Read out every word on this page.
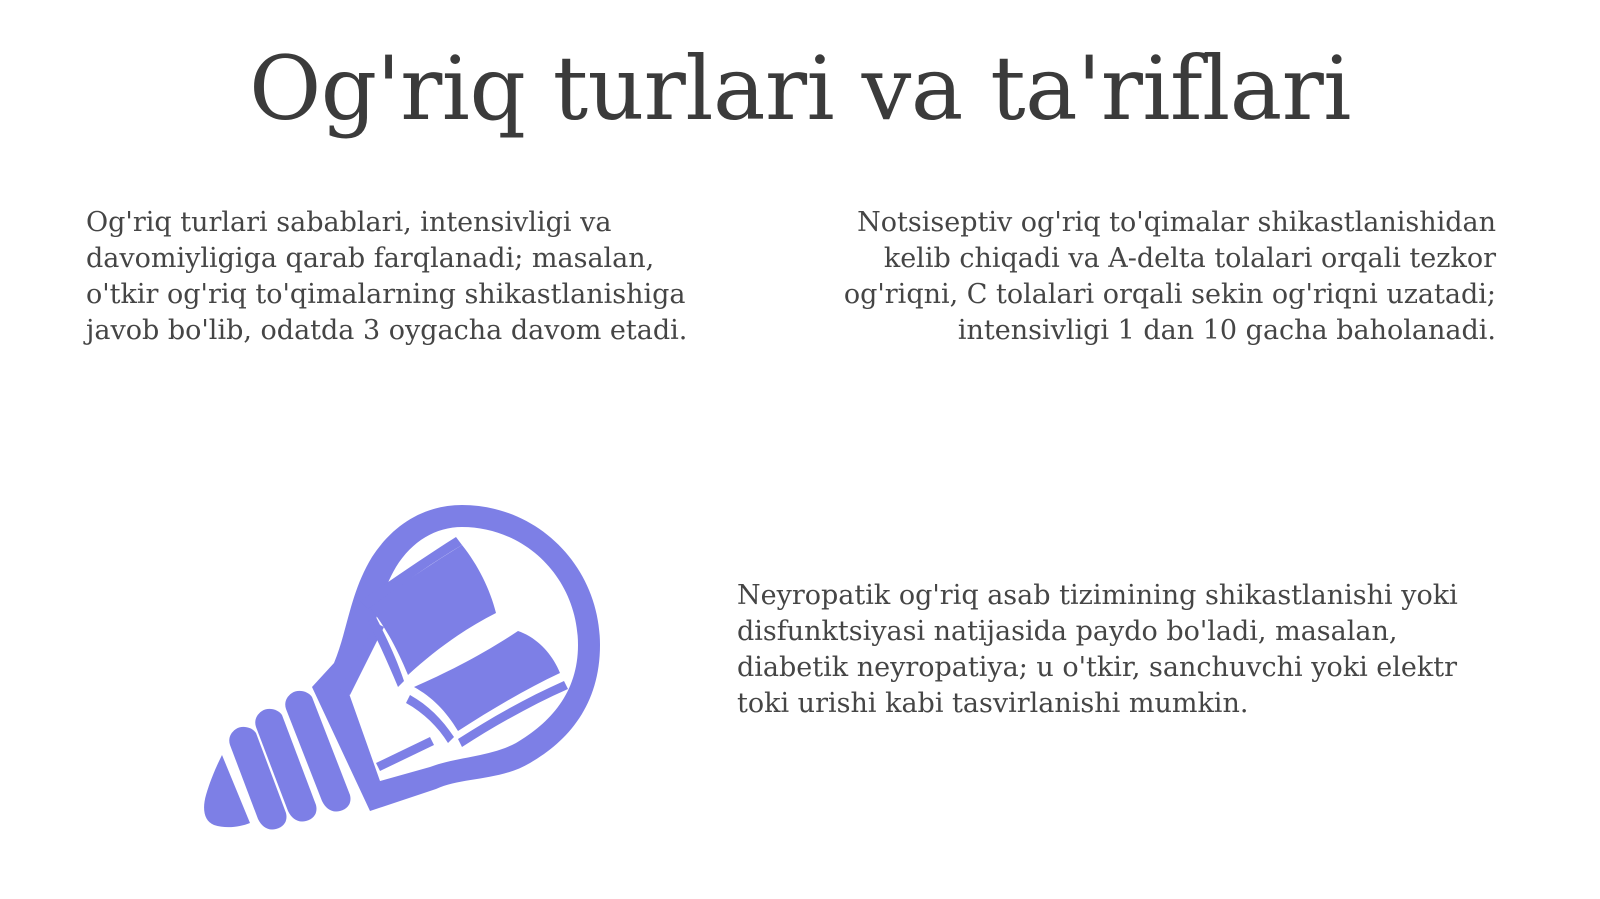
Og'riq turlari va ta'riflari
Og'riq turlari sabablari, intensivligi va davomiyligiga qarab farqlanadi; masalan, o'tkir og'riq to'qimalarning shikastlanishiga javob bo'lib, odatda 3 oygacha davom etadi.
Notsiseptiv og'riq to'qimalar shikastlanishidan kelib chiqadi va A-delta tolalari orqali tezkor og'riqni, C tolalari orqali sekin og'riqni uzatadi; intensivligi 1 dan 10 gacha baholanadi.
Neyropatik og'riq asab tizimining shikastlanishi yoki disfunktsiyasi natijasida paydo bo'ladi, masalan, diabetik neyropatiya; u o'tkir, sanchuvchi yoki elektr toki urishi kabi tasvirlanishi mumkin.
